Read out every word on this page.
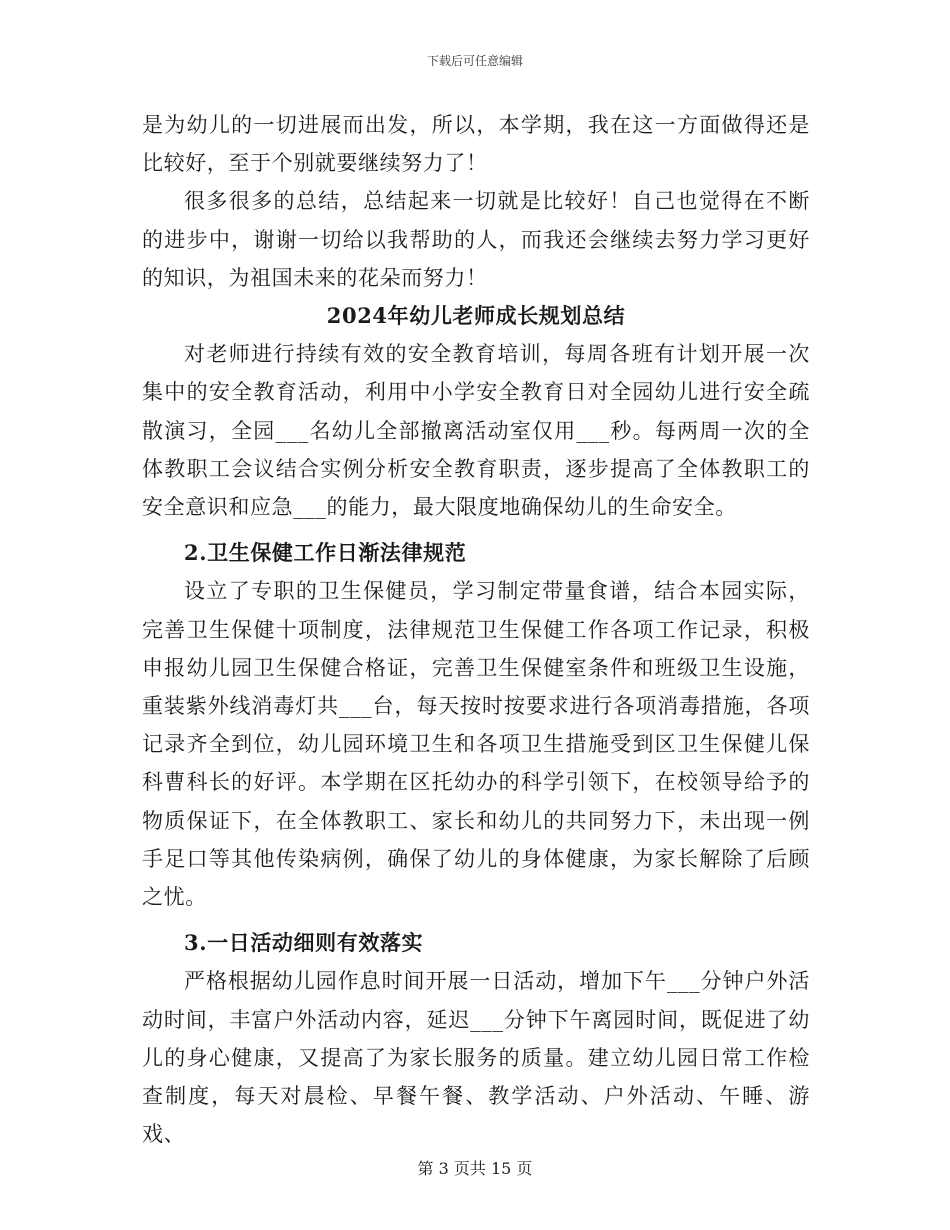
下载后可任意编辑

是为幼儿的一切进展而出发，所以，本学期，我在这一方面做得还是比较好，至于个别就要继续努力了！

很多很多的总结，总结起来一切就是比较好！自己也觉得在不断的进步中，谢谢一切给以我帮助的人，而我还会继续去努力学习更好的知识，为祖国未来的花朵而努力！

2024年幼儿老师成长规划总结

对老师进行持续有效的安全教育培训，每周各班有计划开展一次集中的安全教育活动，利用中小学安全教育日对全园幼儿进行安全疏散演习，全园___名幼儿全部撤离活动室仅用___秒。每两周一次的全体教职工会议结合实例分析安全教育职责，逐步提高了全体教职工的安全意识和应急___的能力，最大限度地确保幼儿的生命安全。

2.卫生保健工作日渐法律规范

设立了专职的卫生保健员，学习制定带量食谱，结合本园实际，完善卫生保健十项制度，法律规范卫生保健工作各项工作记录，积极申报幼儿园卫生保健合格证，完善卫生保健室条件和班级卫生设施，重装紫外线消毒灯共___台，每天按时按要求进行各项消毒措施，各项记录齐全到位，幼儿园环境卫生和各项卫生措施受到区卫生保健儿保科曹科长的好评。本学期在区托幼办的科学引领下，在校领导给予的物质保证下，在全体教职工、家长和幼儿的共同努力下，未出现一例手足口等其他传染病例，确保了幼儿的身体健康，为家长解除了后顾之忧。

3.一日活动细则有效落实

严格根据幼儿园作息时间开展一日活动，增加下午___分钟户外活动时间，丰富户外活动内容，延迟___分钟下午离园时间，既促进了幼儿的身心健康，又提高了为家长服务的质量。建立幼儿园日常工作检查制度，每天对晨检、早餐午餐、教学活动、户外活动、午睡、游戏、

第 3 页共 15 页
